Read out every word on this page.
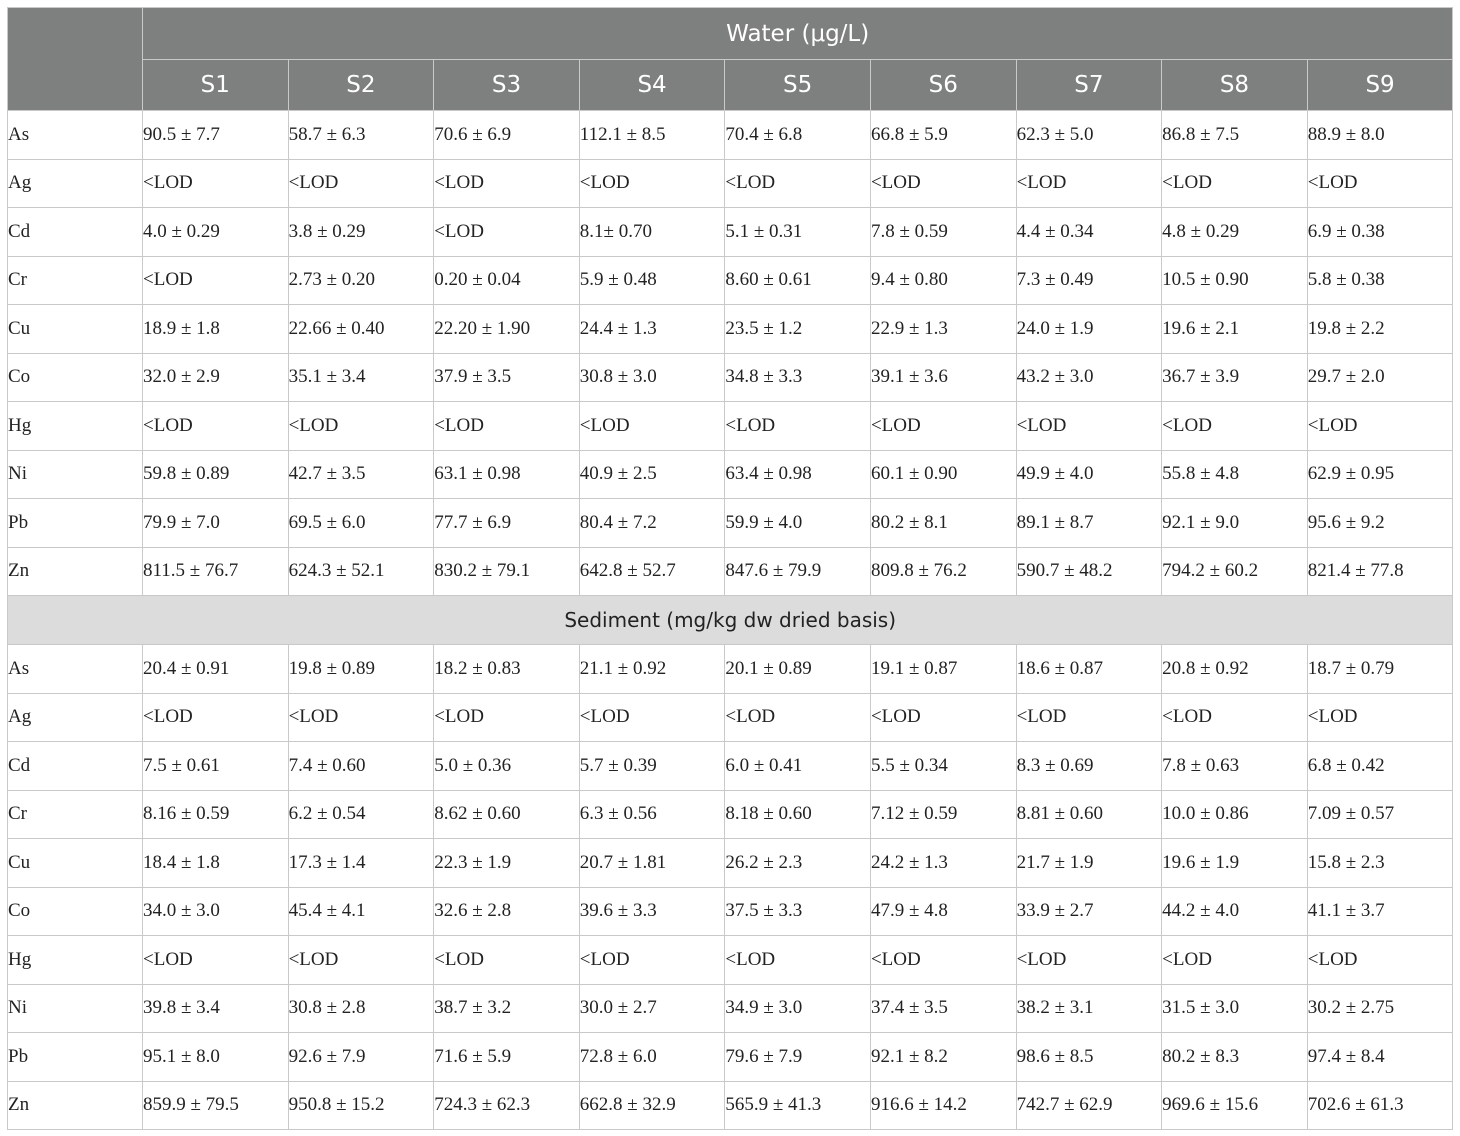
	Water (μg/L)								
	S1	S2	S3	S4	S5	S6	S7	S8	S9
As	90.5 ± 7.7	58.7 ± 6.3	70.6 ± 6.9	112.1 ± 8.5	70.4 ± 6.8	66.8 ± 5.9	62.3 ± 5.0	86.8 ± 7.5	88.9 ± 8.0
Ag	<LOD	<LOD	<LOD	<LOD	<LOD	<LOD	<LOD	<LOD	<LOD
Cd	4.0 ± 0.29	3.8 ± 0.29	<LOD	8.1± 0.70	5.1 ± 0.31	7.8 ± 0.59	4.4 ± 0.34	4.8 ± 0.29	6.9 ± 0.38
Cr	<LOD	2.73 ± 0.20	0.20 ± 0.04	5.9 ± 0.48	8.60 ± 0.61	9.4 ± 0.80	7.3 ± 0.49	10.5 ± 0.90	5.8 ± 0.38
Cu	18.9 ± 1.8	22.66 ± 0.40	22.20 ± 1.90	24.4 ± 1.3	23.5 ± 1.2	22.9 ± 1.3	24.0 ± 1.9	19.6 ± 2.1	19.8 ± 2.2
Co	32.0 ± 2.9	35.1 ± 3.4	37.9 ± 3.5	30.8 ± 3.0	34.8 ± 3.3	39.1 ± 3.6	43.2 ± 3.0	36.7 ± 3.9	29.7 ± 2.0
Hg	<LOD	<LOD	<LOD	<LOD	<LOD	<LOD	<LOD	<LOD	<LOD
Ni	59.8 ± 0.89	42.7 ± 3.5	63.1 ± 0.98	40.9 ± 2.5	63.4 ± 0.98	60.1 ± 0.90	49.9 ± 4.0	55.8 ± 4.8	62.9 ± 0.95
Pb	79.9 ± 7.0	69.5 ± 6.0	77.7 ± 6.9	80.4 ± 7.2	59.9 ± 4.0	80.2 ± 8.1	89.1 ± 8.7	92.1 ± 9.0	95.6 ± 9.2
Zn	811.5 ± 76.7	624.3 ± 52.1	830.2 ± 79.1	642.8 ± 52.7	847.6 ± 79.9	809.8 ± 76.2	590.7 ± 48.2	794.2 ± 60.2	821.4 ± 77.8
Sediment (mg/kg dw dried basis)									
As	20.4 ± 0.91	19.8 ± 0.89	18.2 ± 0.83	21.1 ± 0.92	20.1 ± 0.89	19.1 ± 0.87	18.6 ± 0.87	20.8 ± 0.92	18.7 ± 0.79
Ag	<LOD	<LOD	<LOD	<LOD	<LOD	<LOD	<LOD	<LOD	<LOD
Cd	7.5 ± 0.61	7.4 ± 0.60	5.0 ± 0.36	5.7 ± 0.39	6.0 ± 0.41	5.5 ± 0.34	8.3 ± 0.69	7.8 ± 0.63	6.8 ± 0.42
Cr	8.16 ± 0.59	6.2 ± 0.54	8.62 ± 0.60	6.3 ± 0.56	8.18 ± 0.60	7.12 ± 0.59	8.81 ± 0.60	10.0 ± 0.86	7.09 ± 0.57
Cu	18.4 ± 1.8	17.3 ± 1.4	22.3 ± 1.9	20.7 ± 1.81	26.2 ± 2.3	24.2 ± 1.3	21.7 ± 1.9	19.6 ± 1.9	15.8 ± 2.3
Co	34.0 ± 3.0	45.4 ± 4.1	32.6 ± 2.8	39.6 ± 3.3	37.5 ± 3.3	47.9 ± 4.8	33.9 ± 2.7	44.2 ± 4.0	41.1 ± 3.7
Hg	<LOD	<LOD	<LOD	<LOD	<LOD	<LOD	<LOD	<LOD	<LOD
Ni	39.8 ± 3.4	30.8 ± 2.8	38.7 ± 3.2	30.0 ± 2.7	34.9 ± 3.0	37.4 ± 3.5	38.2 ± 3.1	31.5 ± 3.0	30.2 ± 2.75
Pb	95.1 ± 8.0	92.6 ± 7.9	71.6 ± 5.9	72.8 ± 6.0	79.6 ± 7.9	92.1 ± 8.2	98.6 ± 8.5	80.2 ± 8.3	97.4 ± 8.4
Zn	859.9 ± 79.5	950.8 ± 15.2	724.3 ± 62.3	662.8 ± 32.9	565.9 ± 41.3	916.6 ± 14.2	742.7 ± 62.9	969.6 ± 15.6	702.6 ± 61.3
